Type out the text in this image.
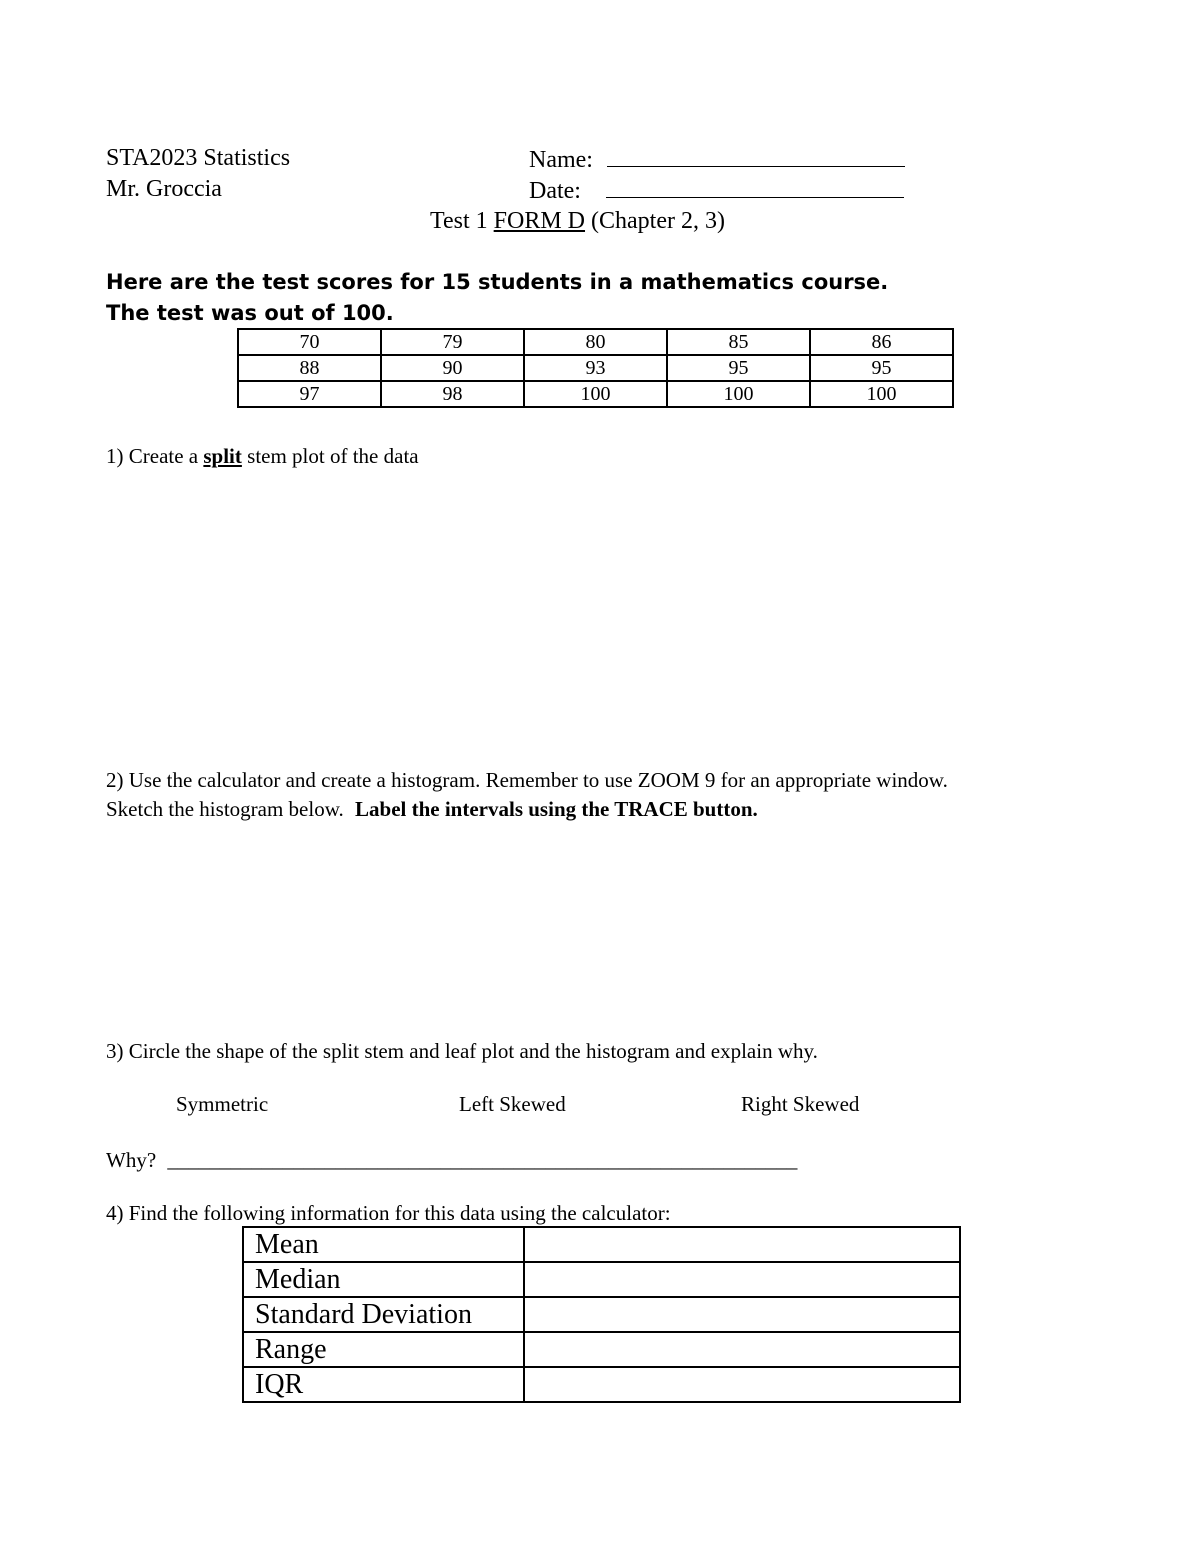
STA2023 Statistics
Mr. Groccia
Name:
Date:
Test 1 FORM D (Chapter 2, 3)
Here are the test scores for 15 students in a mathematics course.
The test was out of 100.
70	79	80	85	86
88	90	93	95	95
97	98	100	100	100
1) Create a split stem plot of the data
2) Use the calculator and create a histogram. Remember to use ZOOM 9 for an appropriate window.
Sketch the histogram below. Label the intervals using the TRACE button.
3) Circle the shape of the split stem and leaf plot and the histogram and explain why.
Symmetric	Left Skewed	Right Skewed
Why? ____________________________________________________________
4) Find the following information for this data using the calculator:
Mean	
Median	
Standard Deviation	
Range	
IQR	
